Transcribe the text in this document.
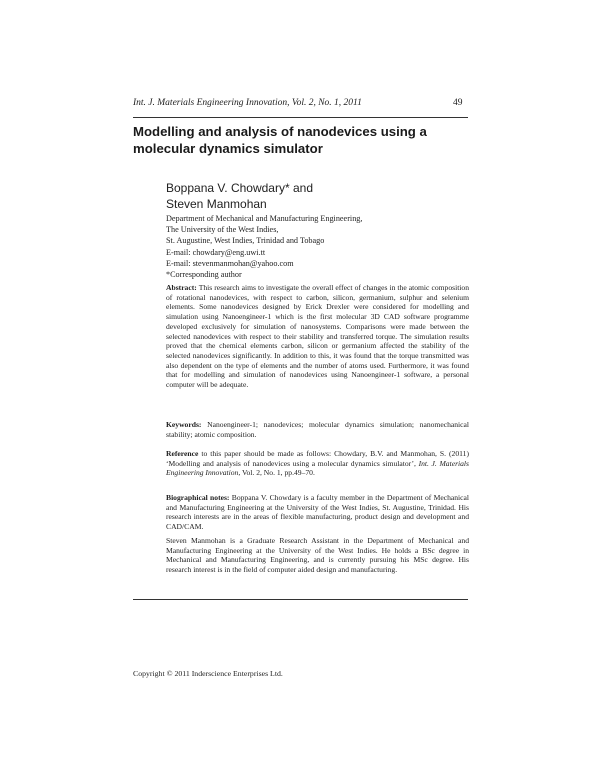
Int. J. Materials Engineering Innovation, Vol. 2, No. 1, 2011	49
Modelling and analysis of nanodevices using a molecular dynamics simulator
Boppana V. Chowdary* and
Steven Manmohan
Department of Mechanical and Manufacturing Engineering,
The University of the West Indies,
St. Augustine, West Indies, Trinidad and Tobago
E-mail: chowdary@eng.uwi.tt
E-mail: stevenmanmohan@yahoo.com
*Corresponding author
Abstract: This research aims to investigate the overall effect of changes in the atomic composition of rotational nanodevices, with respect to carbon, silicon, germanium, sulphur and selenium elements. Some nanodevices designed by Erick Drexler were considered for modelling and simulation using Nanoengineer-1 which is the first molecular 3D CAD software programme developed exclusively for simulation of nanosystems. Comparisons were made between the selected nanodevices with respect to their stability and transferred torque. The simulation results proved that the chemical elements carbon, silicon or germanium affected the stability of the selected nanodevices significantly. In addition to this, it was found that the torque transmitted was also dependent on the type of elements and the number of atoms used. Furthermore, it was found that for modelling and simulation of nanodevices using Nanoengineer-1 software, a personal computer will be adequate.
Keywords: Nanoengineer-1; nanodevices; molecular dynamics simulation; nanomechanical stability; atomic composition.
Reference to this paper should be made as follows: Chowdary, B.V. and Manmohan, S. (2011) ‘Modelling and analysis of nanodevices using a molecular dynamics simulator’, Int. J. Materials Engineering Innovation, Vol. 2, No. 1, pp.49–70.
Biographical notes: Boppana V. Chowdary is a faculty member in the Department of Mechanical and Manufacturing Engineering at the University of the West Indies, St. Augustine, Trinidad. His research interests are in the areas of flexible manufacturing, product design and development and CAD/CAM.
Steven Manmohan is a Graduate Research Assistant in the Department of Mechanical and Manufacturing Engineering at the University of the West Indies. He holds a BSc degree in Mechanical and Manufacturing Engineering, and is currently pursuing his MSc degree. His research interest is in the field of computer aided design and manufacturing.
Copyright © 2011 Inderscience Enterprises Ltd.
